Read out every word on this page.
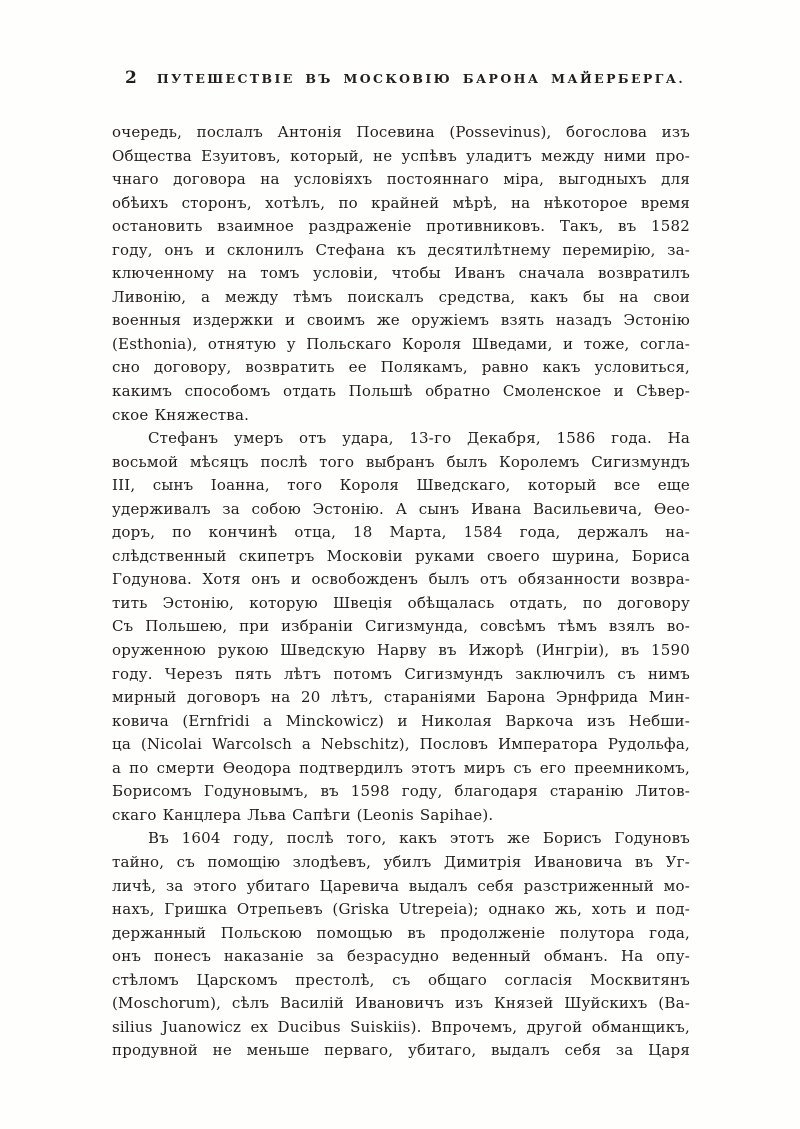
2	ПУТЕШЕСТВІЕ ВЪ МОСКОВІЮ БАРОНА МАЙЕРБЕРГА.
очередь, послалъ Антонія Посевина (Possevinus), богослова изъ
Общества Езуитовъ, который, не успѣвъ уладитъ между ними про-
чнаго договора на условіяхъ постояннаго міра, выгодныхъ для
обѣихъ сторонъ, хотѣлъ, по крайней мѣрѣ, на нѣкоторое время
остановить взаимное раздраженіе противниковъ. Такъ, въ 1582
году, онъ и склонилъ Стефана къ десятилѣтнему перемирію, за-
ключенному на томъ условіи, чтобы Иванъ сначала возвратилъ
Ливонію, а между тѣмъ поискалъ средства, какъ бы на свои
военныя издержки и своимъ же оружіемъ взять назадъ Эстонію
(Esthonia), отнятую у Польскаго Короля Шведами, и тоже, согла-
сно договору, возвратить ее Полякамъ, равно какъ условиться,
какимъ способомъ отдать Польшѣ обратно Смоленское и Сѣвер-
ское Княжества.
Стефанъ умеръ отъ удара, 13-го Декабря, 1586 года. На
восьмой мѣсяцъ послѣ того выбранъ былъ Королемъ Сигизмундъ
III, сынъ Іоанна, того Короля Шведскаго, который все еще
удерживалъ за собою Эстонію. А сынъ Ивана Васильевича, Ѳео-
доръ, по кончинѣ отца, 18 Марта, 1584 года, держалъ на-
слѣдственный скипетръ Московіи руками своего шурина, Бориса
Годунова. Хотя онъ и освобожденъ былъ отъ обязанности возвра-
тить Эстонію, которую Швеція обѣщалась отдать, по договору
Съ Польшею, при избраніи Сигизмунда, совсѣмъ тѣмъ взялъ во-
оруженною рукою Шведскую Нарву въ Ижорѣ (Ингріи), въ 1590
году. Черезъ пять лѣтъ потомъ Сигизмундъ заключилъ съ нимъ
мирный договоръ на 20 лѣтъ, стараніями Барона Эрнфрида Мин-
ковича (Ernfridi a Minckowicz) и Николая Варкоча изъ Небши-
ца (Nicolai Warcolsch a Nebschitz), Пословъ Императора Рудольфа,
а по смерти Ѳеодора подтвердилъ этотъ миръ съ его преемникомъ,
Борисомъ Годуновымъ, въ 1598 году, благодаря старанію Литов-
скаго Канцлера Льва Сапѣги (Leonis Sapihae).
Въ 1604 году, послѣ того, какъ этотъ же Борисъ Годуновъ
тайно, съ помощію злодѣевъ, убилъ Димитрія Ивановича въ Уг-
личѣ, за этого убитаго Царевича выдалъ себя разстриженный мо-
нахъ, Гришка Отрепьевъ (Griska Utrepeia); однако жь, хоть и под-
держанный Польскою помощью въ продолженіе полутора года,
онъ понесъ наказаніе за безрасудно веденный обманъ. На опу-
стѣломъ Царскомъ престолѣ, съ общаго согласія Москвитянъ
(Moschorum), сѣлъ Василій Ивановичъ изъ Князей Шуйскихъ (Ba-
silius Juanowicz ex Ducibus Suiskiis). Впрочемъ, другой обманщикъ,
продувной не меньше перваго, убитаго, выдалъ себя за Царя
